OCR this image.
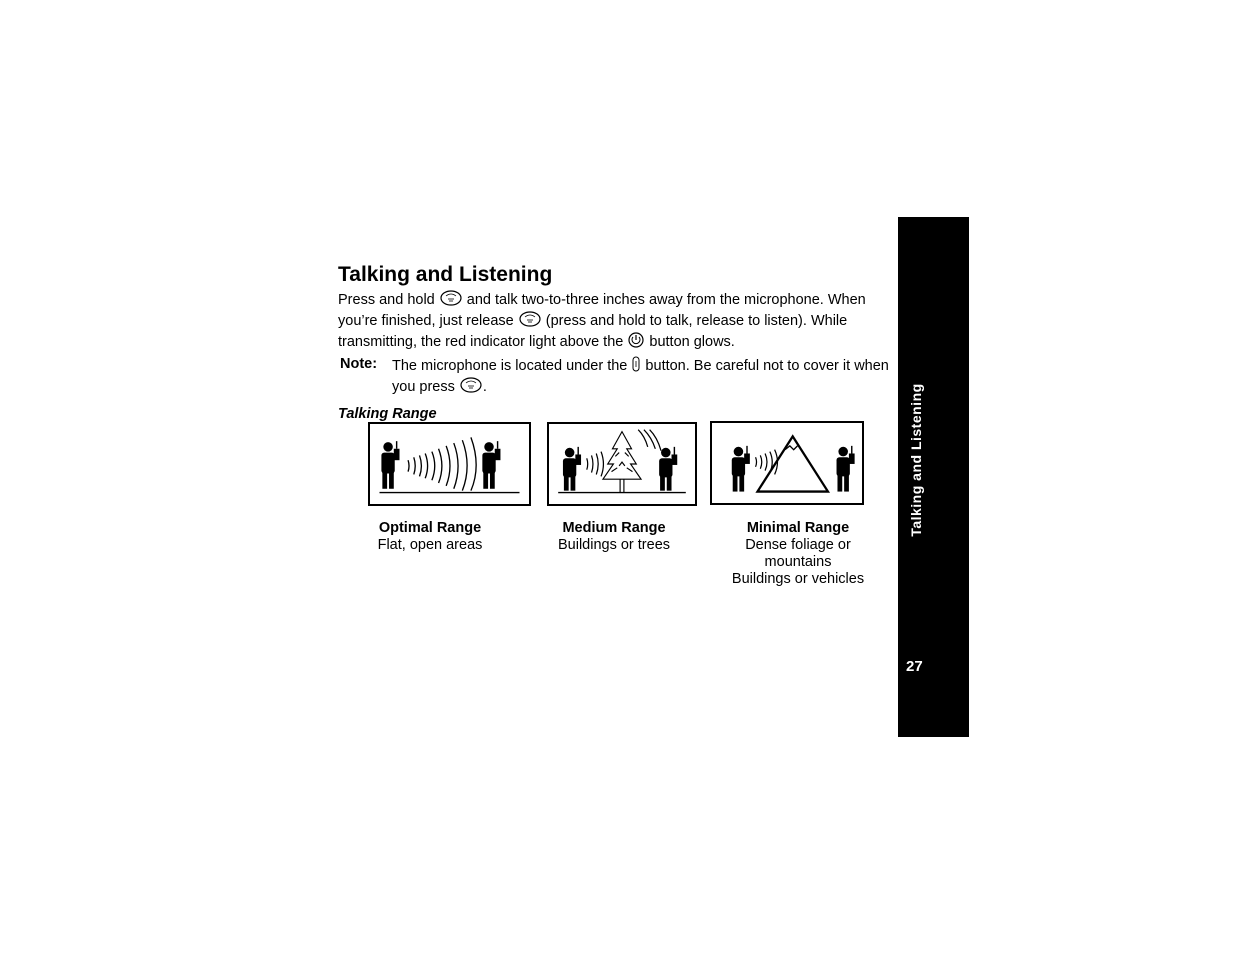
Talking and Listening

Press and hold  and talk two-to-three inches away from the microphone. When you’re finished, just release  (press and hold to talk, release to listen). While transmitting, the red indicator light above the  button glows.

Note:	The microphone is located under the  button. Be careful not to cover it when you press .
Talking Range
Optimal Range
Flat, open areas
Medium Range
Buildings or trees
Minimal Range
Dense foliage or
mountains
Buildings or vehicles
Talking and Listening
27
